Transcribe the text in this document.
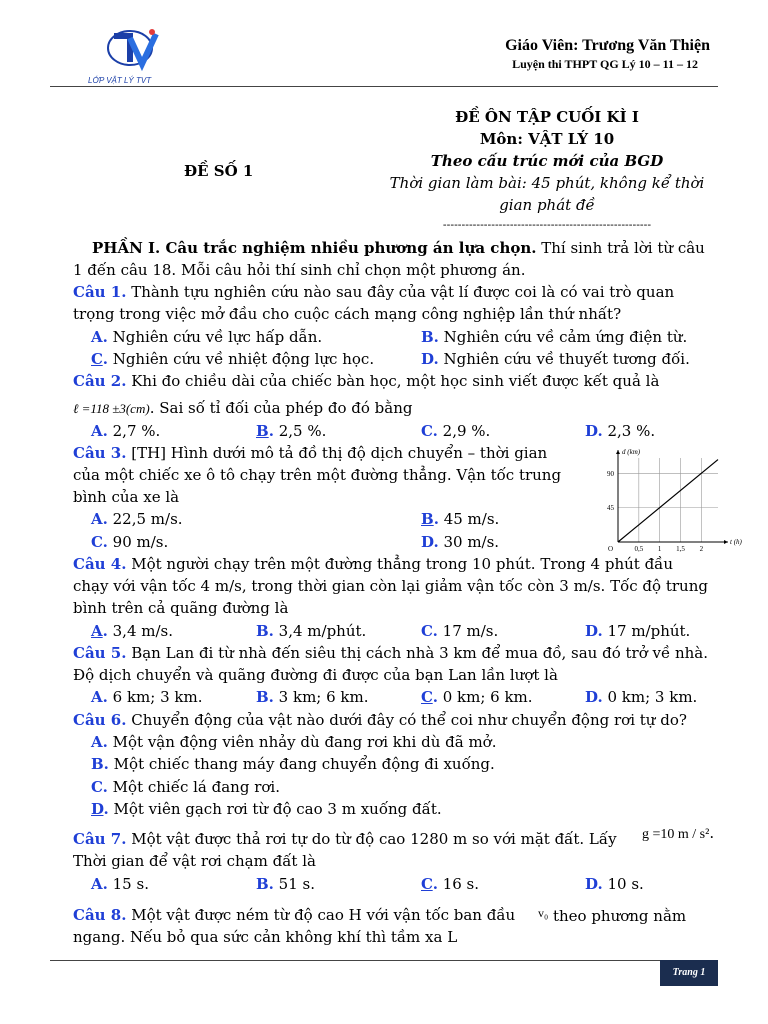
LỚP VẬT LÝ TVT
Giáo Viên: Trương Văn Thiện
Luyện thi THPT QG Lý 10 – 11 – 12
ĐỀ SỐ 1
ĐỀ ÔN TẬP CUỐI KÌ I
Môn: VẬT LÝ 10
Theo cấu trúc mới của BGD
Thời gian làm bài: 45 phút, không kể thời
gian phát đề
--------------------------------------------------------
PHẦN I. Câu trắc nghiệm nhiều phương án lựa chọn. Thí sinh trả lời từ câu
1 đến câu 18. Mỗi câu hỏi thí sinh chỉ chọn một phương án.
Câu 1. Thành tựu nghiên cứu nào sau đây của vật lí được coi là có vai trò quan
trọng trong việc mở đầu cho cuộc cách mạng công nghiệp lần thứ nhất?
A. Nghiên cứu về lực hấp dẫn.	B. Nghiên cứu về cảm ứng điện từ.
C. Nghiên cứu về nhiệt động lực học.	D. Nghiên cứu về thuyết tương đối.
Câu 2. Khi đo chiều dài của chiếc bàn học, một học sinh viết được kết quả là
ℓ =118 ±3(cm). Sai số tỉ đối của phép đo đó bằng
A. 2,7 %.	B. 2,5 %.	C. 2,9 %.	D. 2,3 %.
Câu 3. [TH] Hình dưới mô tả đồ thị độ dịch chuyển – thời gian
của một chiếc xe ô tô chạy trên một đường thẳng. Vận tốc trung
bình của xe là
A. 22,5 m/s.	B. 45 m/s.
C. 90 m/s.	D. 30 m/s.	0,5 1 1,5 2
45
90
O
t (h)
d (km)
Câu 4. Một người chạy trên một đường thẳng trong 10 phút. Trong 4 phút đầu
chạy với vận tốc 4 m/s, trong thời gian còn lại giảm vận tốc còn 3 m/s. Tốc độ trung
bình trên cả quãng đường là
A. 3,4 m/s.	B. 3,4 m/phút.	C. 17 m/s.	D. 17 m/phút.
Câu 5. Bạn Lan đi từ nhà đến siêu thị cách nhà 3 km để mua đồ, sau đó trở về nhà.
Độ dịch chuyển và quãng đường đi được của bạn Lan lần lượt là
A. 6 km; 3 km.	B. 3 km; 6 km.	C. 0 km; 6 km.	D. 0 km; 3 km.
Câu 6. Chuyển động của vật nào dưới đây có thể coi như chuyển động rơi tự do?
A. Một vận động viên nhảy dù đang rơi khi dù đã mở.
B. Một chiếc thang máy đang chuyển động đi xuống.
C. Một chiếc lá đang rơi.
D. Một viên gạch rơi từ độ cao 3 m xuống đất.
Câu 7. Một vật được thả rơi tự do từ độ cao 1280 m so với mặt đất. Lấy g =10 m / s².
Thời gian để vật rơi chạm đất là
A. 15 s.	B. 51 s.	C. 16 s.	D. 10 s.
Câu 8. Một vật được ném từ độ cao H với vận tốc ban đầu $^{v_0}$ theo phương nằm
ngang. Nếu bỏ qua sức cản không khí thì tầm xa L
Trang 1
